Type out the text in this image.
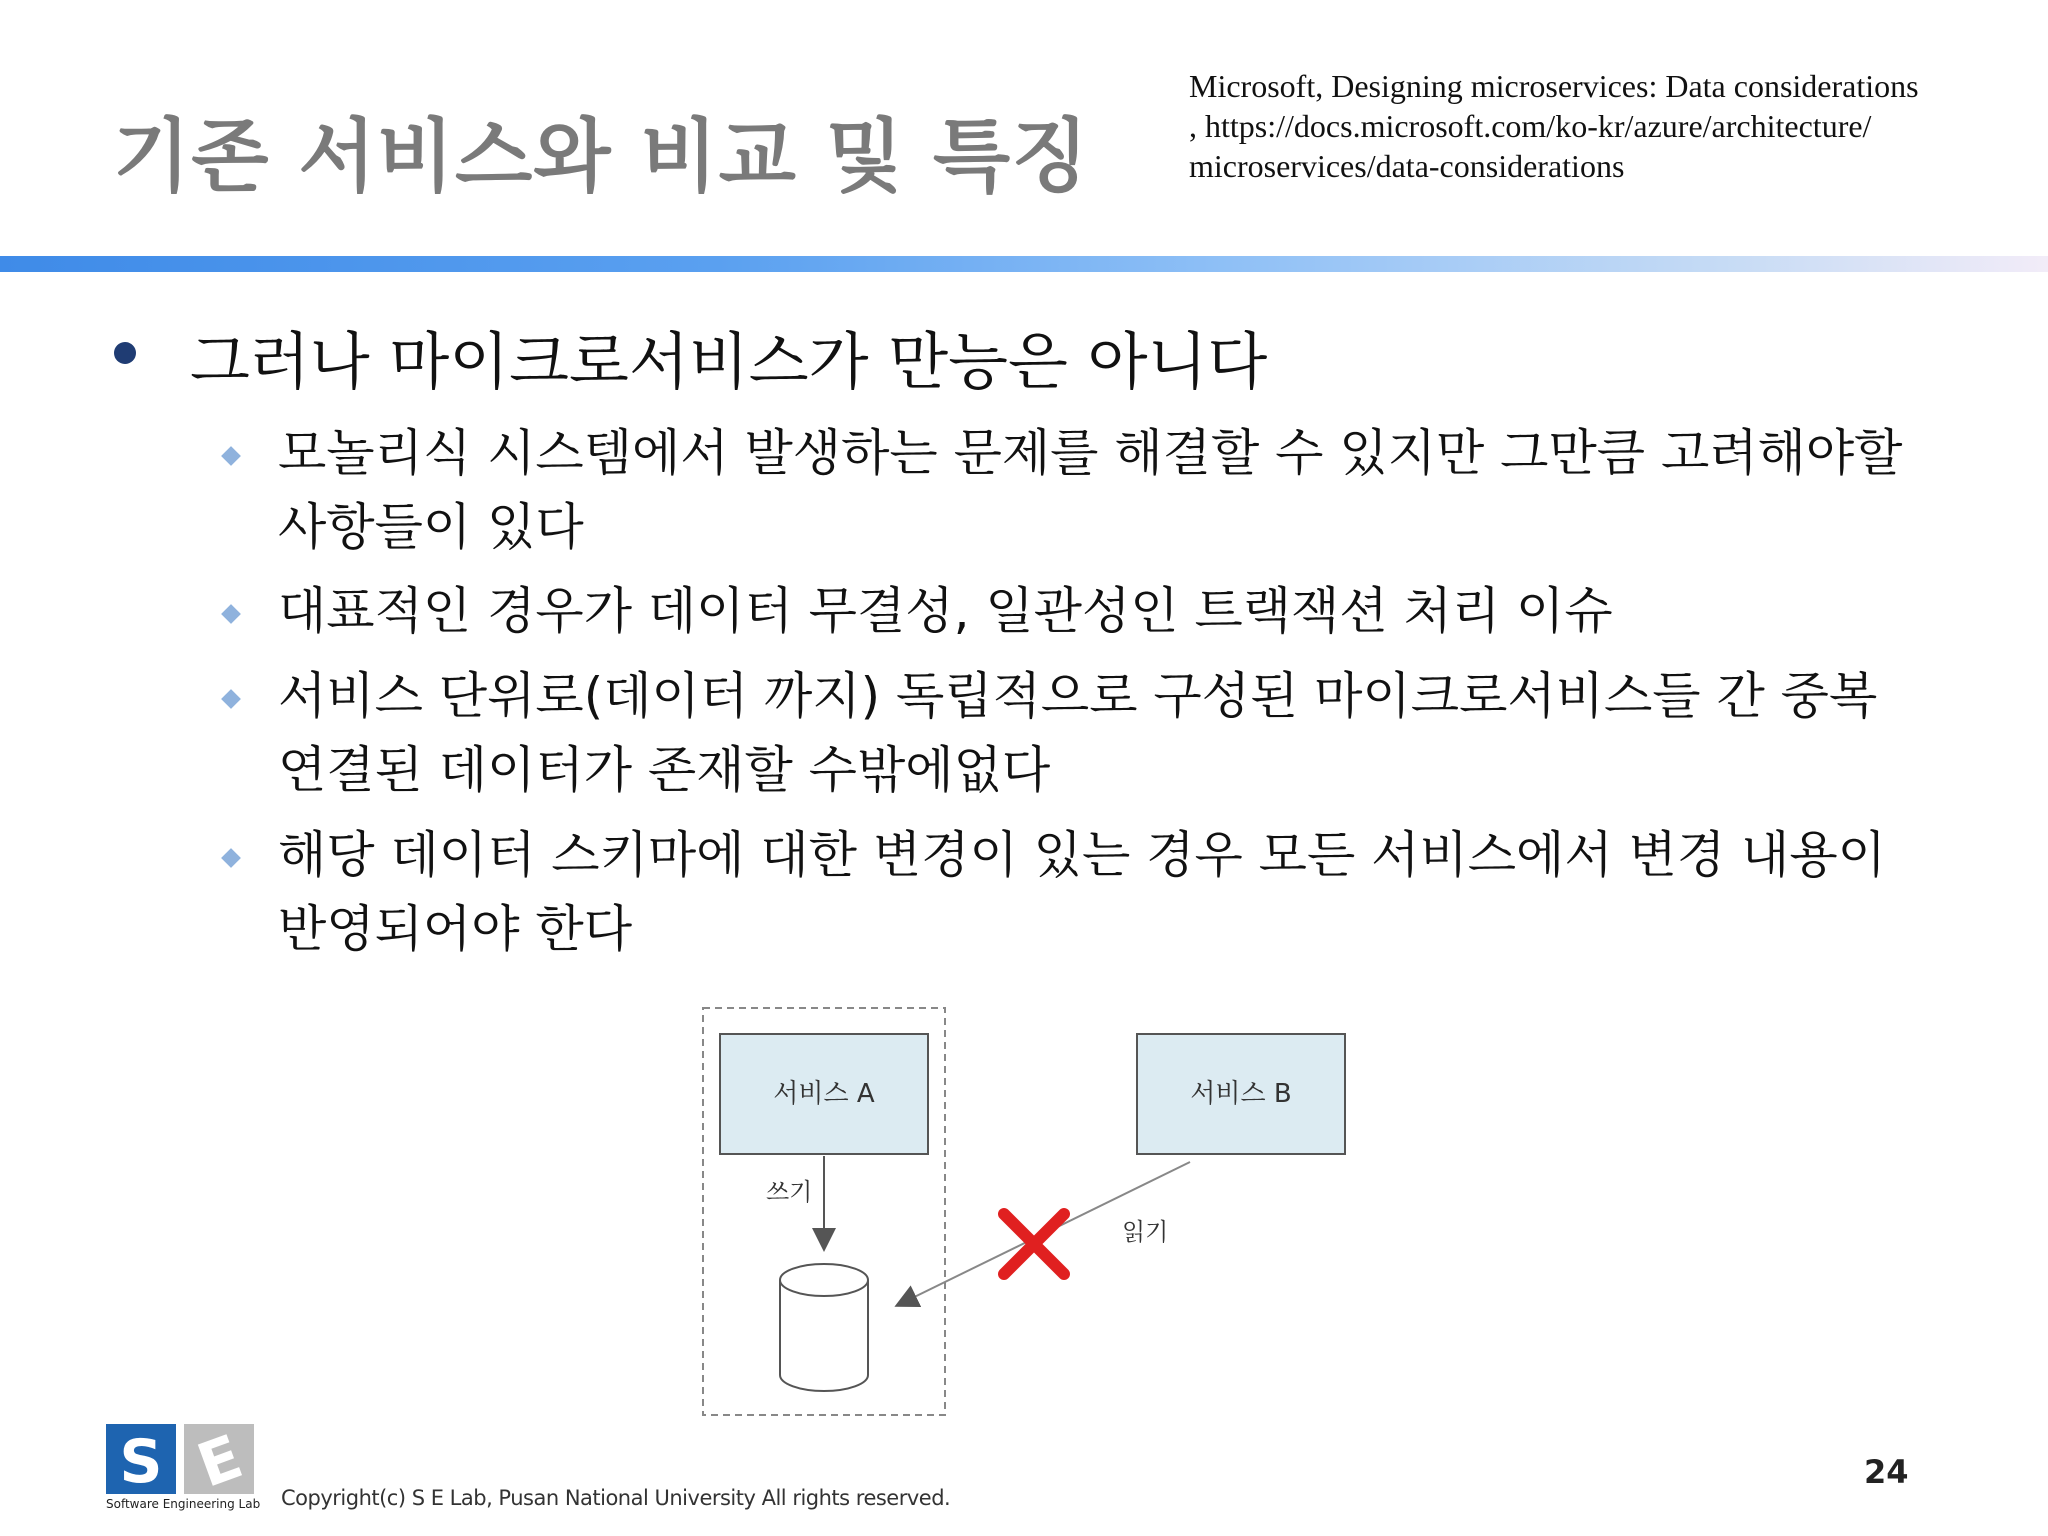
기존 서비스와 비교 및 특징
Microsoft, Designing microservices: Data considerations
, https://docs.microsoft.com/ko-kr/azure/architecture/
microservices/data-considerations
그러나 마이크로서비스가 만능은 아니다
모놀리식 시스템에서 발생하는 문제를 해결할 수 있지만 그만큼 고려해야할
사항들이 있다
대표적인 경우가 데이터 무결성, 일관성인 트랙잭션 처리 이슈
서비스 단위로(데이터 까지) 독립적으로 구성된 마이크로서비스들 간 중복
연결된 데이터가 존재할 수밖에없다
해당 데이터 스키마에 대한 변경이 있는 경우 모든 서비스에서 변경 내용이
반영되어야 한다
서비스 A	서비스 B
쓰기
읽기
S E
Software Engineering Lab Copyright(c) S E Lab, Pusan National University All rights reserved.
24
